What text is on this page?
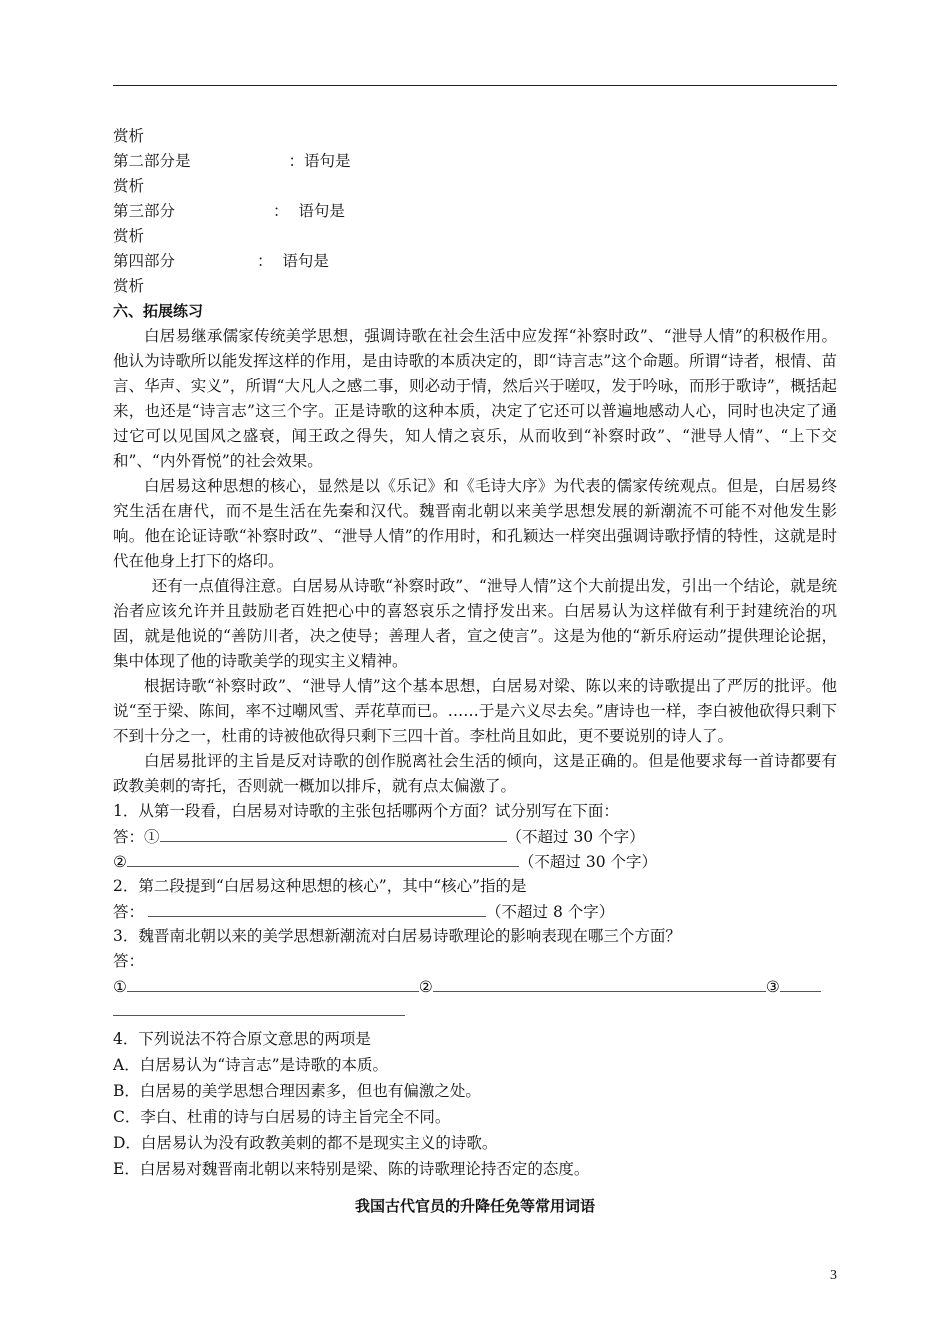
赏析
第二部分是	：语句是
赏析
第三部分	：  语句是
赏析
第四部分	：  语句是
赏析
六、拓展练习

白居易继承儒家传统美学思想，强调诗歌在社会生活中应发挥“补察时政”、“泄导人情”的积极作用。他认为诗歌所以能发挥这样的作用，是由诗歌的本质决定的，即“诗言志”这个命题。所谓“诗者，根情、苗言、华声、实义”，所谓“大凡人之感二事，则必动于情，然后兴于嗟叹，发于吟咏，而形于歌诗”，概括起来，也还是“诗言志”这三个字。正是诗歌的这种本质，决定了它还可以普遍地感动人心，同时也决定了通过它可以见国风之盛衰，闻王政之得失，知人情之哀乐，从而收到“补察时政”、“泄导人情”、“上下交和”、“内外胥悦”的社会效果。

白居易这种思想的核心，显然是以《乐记》和《毛诗大序》为代表的儒家传统观点。但是，白居易终究生活在唐代，而不是生活在先秦和汉代。魏晋南北朝以来美学思想发展的新潮流不可能不对他发生影响。他在论证诗歌“补察时政”、“泄导人情”的作用时，和孔颖达一样突出强调诗歌抒情的特性，这就是时代在他身上打下的烙印。

还有一点值得注意。白居易从诗歌“补察时政”、“泄导人情”这个大前提出发，引出一个结论，就是统治者应该允许并且鼓励老百姓把心中的喜怒哀乐之情抒发出来。白居易认为这样做有利于封建统治的巩固，就是他说的“善防川者，决之使导；善理人者，宣之使言”。这是为他的“新乐府运动”提供理论论据，集中体现了他的诗歌美学的现实主义精神。

根据诗歌“补察时政”、“泄导人情”这个基本思想，白居易对梁、陈以来的诗歌提出了严厉的批评。他说“至于梁、陈间，率不过嘲风雪、弄花草而已。……于是六义尽去矣。”唐诗也一样，李白被他砍得只剩下不到十分之一，杜甫的诗被他砍得只剩下三四十首。李杜尚且如此，更不要说别的诗人了。

白居易批评的主旨是反对诗歌的创作脱离社会生活的倾向，这是正确的。但是他要求每一首诗都要有政教美刺的寄托，否则就一概加以排斥，就有点太偏激了。

1．从第一段看，白居易对诗歌的主张包括哪两个方面？试分别写在下面：
答：①	（不超过 30 个字）
②	（不超过 30 个字）
2．第二段提到“白居易这种思想的核心”，其中“核心”指的是
答：	（不超过 8 个字）
3．魏晋南北朝以来的美学思想新潮流对白居易诗歌理论的影响表现在哪三个方面？
答：
①	②	③
4．下列说法不符合原文意思的两项是
A．白居易认为“诗言志”是诗歌的本质。
B．白居易的美学思想合理因素多，但也有偏激之处。
C．李白、杜甫的诗与白居易的诗主旨完全不同。
D．白居易认为没有政教美刺的都不是现实主义的诗歌。
E．白居易对魏晋南北朝以来特别是梁、陈的诗歌理论持否定的态度。
我国古代官员的升降任免等常用词语
3
